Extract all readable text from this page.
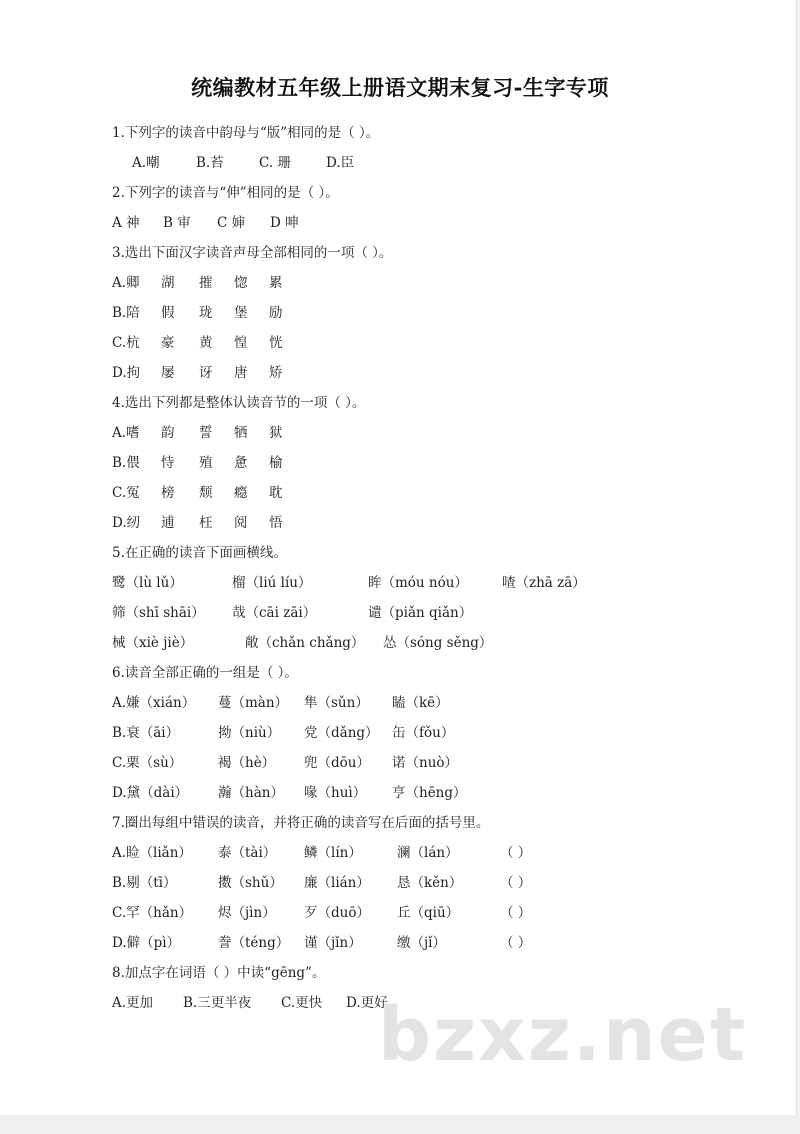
统编教材五年级上册语文期末复习-生字专项
1.下列字的读音中韵母与“版”相同的是（ ）。
A.嘲	B.苔	C. 珊	D.臣
2.下列字的读音与“伸”相同的是（ ）。
A 神 B 审 C 婶 D 呻
3.选出下面汉字读音声母全部相同的一项（ ）。
A.卿 湖 摧 惚 累
B.陪 假 珑 堡 励
C.杭 豪 黄 惶 恍
D.拘 屡 讶 唐 矫
4.选出下列都是整体认读音节的一项（ ）。
A.嗜 韵 誓 牺 狱
B.偎 恃 殖 惫 榆
C.冤 榜 颓 瘾 耽
D.纫 逋 枉 阅 悟
5.在正确的读音下面画横线。
鹭（lù lǔ）	榴（liú líu）	眸（móu nóu）	喳（zhā zā）
筛（shī shāi） 哉（cāi zāi）	谴（piǎn qiǎn）
械（xiè jiè）	敞（chǎn chǎng） 怂（sóng sěng）
6.读音全部正确的一组是（ ）。
A.嫌（xián） 蔓（màn） 隼（sǔn） 瞌（kē）
B.衰（āi）	拗（niù） 党（dǎng） 缶（fǒu）
C.栗（sù）	褐（hè） 兜（dōu） 诺（nuò）
D.黛（dài） 瀚（hàn） 喙（huì） 亨（hēng）
7.圈出每组中错误的读音，并将正确的读音写在后面的括号里。
A.睑（liǎn） 泰（tài） 鳞（lín）	澜（lán）	（ ）
B.剔（tī）	擞（shǔ） 廉（lián） 恳（kěn）	（ ）
C.罕（hǎn） 烬（jìn） 歹（duō） 丘（qiū）	（ ）
D.僻（pì）	誊（téng） 谨（jǐn）	缴（jǐ）	（ ）
8.加点字在词语（ ）中读“gēng”。
A.更加 B.三更半夜 C.更快 D.更好
bzxz.net
